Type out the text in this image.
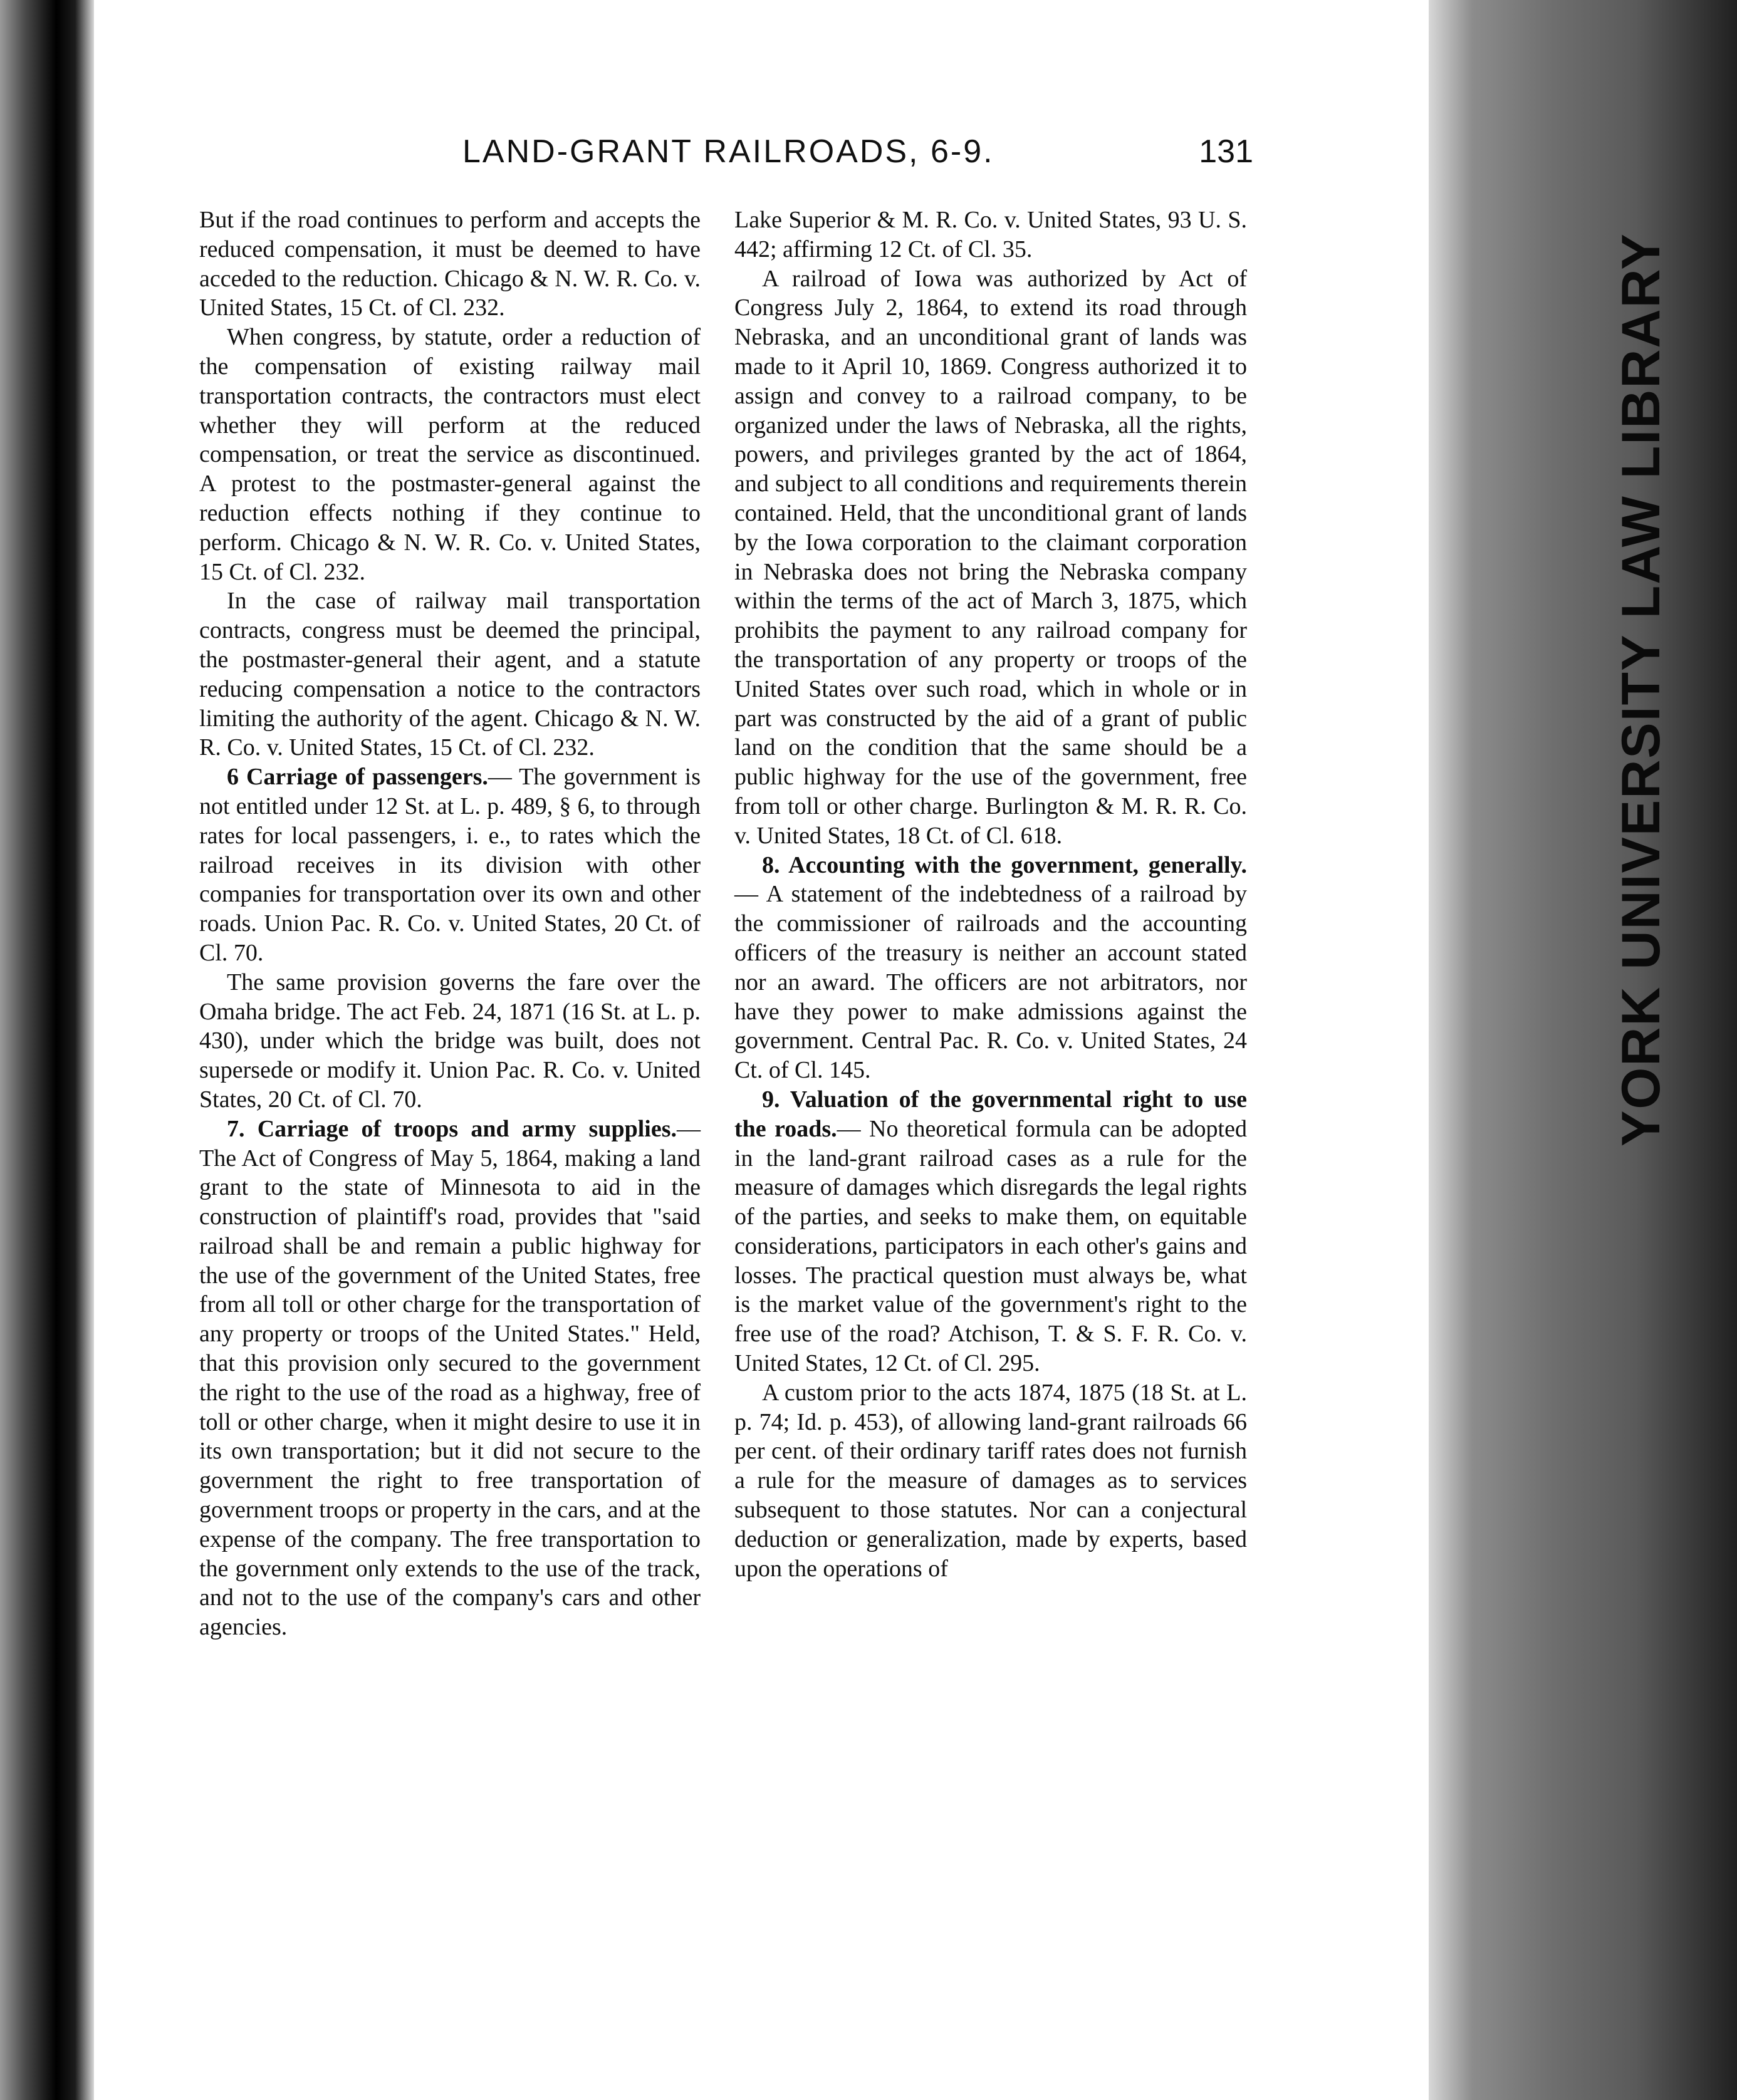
YORK UNIVERSITY LAW LIBRARY
LAND-GRANT RAILROADS, 6-9.	131

But if the road continues to perform and accepts the reduced compensation, it must be deemed to have acceded to the reduction. Chicago & N. W. R. Co. v. United States, 15 Ct. of Cl. 232.

When congress, by statute, order a reduction of the compensation of existing railway mail transportation contracts, the contractors must elect whether they will perform at the reduced compensation, or treat the service as discontinued. A protest to the postmaster-general against the reduction effects nothing if they continue to perform. Chicago & N. W. R. Co. v. United States, 15 Ct. of Cl. 232.

In the case of railway mail transportation contracts, congress must be deemed the principal, the postmaster-general their agent, and a statute reducing compensation a notice to the contractors limiting the authority of the agent. Chicago & N. W. R. Co. v. United States, 15 Ct. of Cl. 232.

6 Carriage of passengers.— The government is not entitled under 12 St. at L. p. 489, § 6, to through rates for local passengers, i. e., to rates which the railroad receives in its division with other companies for transportation over its own and other roads. Union Pac. R. Co. v. United States, 20 Ct. of Cl. 70.

The same provision governs the fare over the Omaha bridge. The act Feb. 24, 1871 (16 St. at L. p. 430), under which the bridge was built, does not supersede or modify it. Union Pac. R. Co. v. United States, 20 Ct. of Cl. 70.

7. Carriage of troops and army supplies.— The Act of Congress of May 5, 1864, making a land grant to the state of Minnesota to aid in the construction of plaintiff's road, provides that "said railroad shall be and remain a public highway for the use of the government of the United States, free from all toll or other charge for the transportation of any property or troops of the United States." Held, that this provision only secured to the government the right to the use of the road as a highway, free of toll or other charge, when it might desire to use it in its own transportation; but it did not secure to the government the right to free transportation of government troops or property in the cars, and at the expense of the company. The free transportation to the government only extends to the use of the track, and not to the use of the company's cars and other agencies.

Lake Superior & M. R. Co. v. United States, 93 U. S. 442; affirming 12 Ct. of Cl. 35.

A railroad of Iowa was authorized by Act of Congress July 2, 1864, to extend its road through Nebraska, and an unconditional grant of lands was made to it April 10, 1869. Congress authorized it to assign and convey to a railroad company, to be organized under the laws of Nebraska, all the rights, powers, and privileges granted by the act of 1864, and subject to all conditions and requirements therein contained. Held, that the unconditional grant of lands by the Iowa corporation to the claimant corporation in Nebraska does not bring the Nebraska company within the terms of the act of March 3, 1875, which prohibits the payment to any railroad company for the transportation of any property or troops of the United States over such road, which in whole or in part was constructed by the aid of a grant of public land on the condition that the same should be a public highway for the use of the government, free from toll or other charge. Burlington & M. R. R. Co. v. United States, 18 Ct. of Cl. 618.

8. Accounting with the government, generally.— A statement of the indebtedness of a railroad by the commissioner of railroads and the accounting officers of the treasury is neither an account stated nor an award. The officers are not arbitrators, nor have they power to make admissions against the government. Central Pac. R. Co. v. United States, 24 Ct. of Cl. 145.

9. Valuation of the governmental right to use the roads.— No theoretical formula can be adopted in the land-grant railroad cases as a rule for the measure of damages which disregards the legal rights of the parties, and seeks to make them, on equitable considerations, participators in each other's gains and losses. The practical question must always be, what is the market value of the government's right to the free use of the road? Atchison, T. & S. F. R. Co. v. United States, 12 Ct. of Cl. 295.

A custom prior to the acts 1874, 1875 (18 St. at L. p. 74; Id. p. 453), of allowing land-grant railroads 66 per cent. of their ordinary tariff rates does not furnish a rule for the measure of damages as to services subsequent to those statutes. Nor can a conjectural deduction or generalization, made by experts, based upon the operations of
